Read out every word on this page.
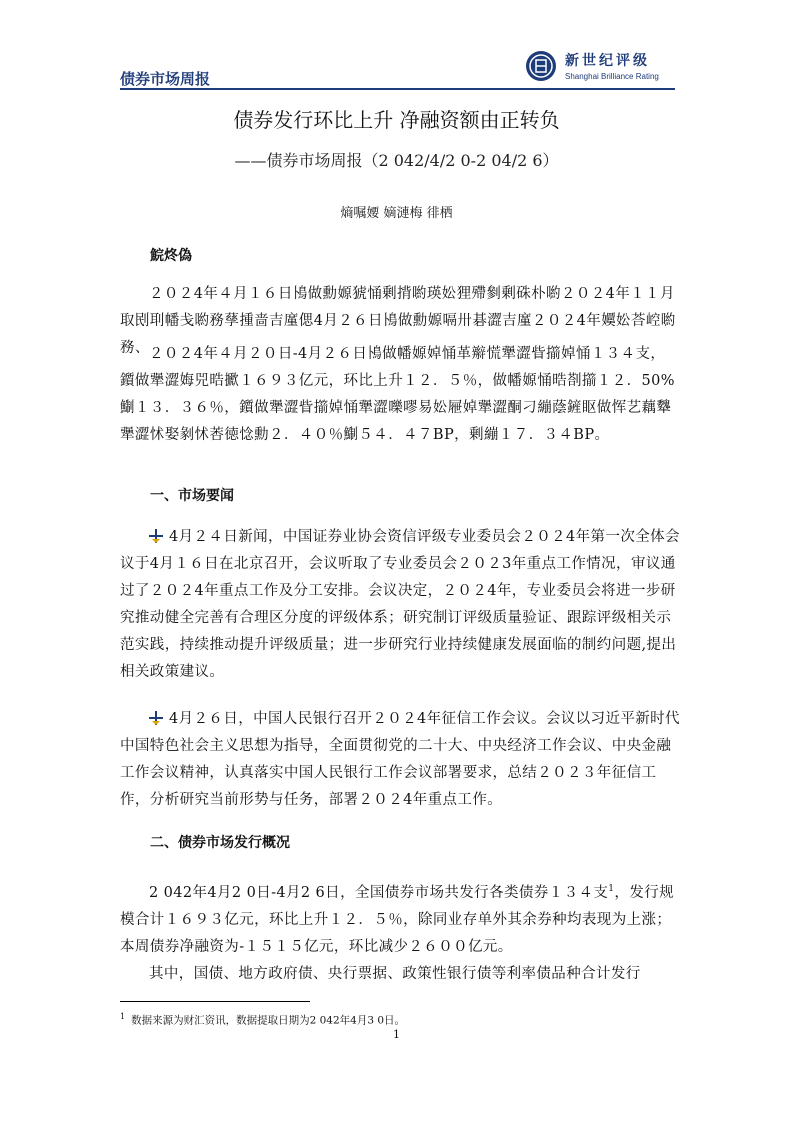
债券市场周报
新世纪评级
Shanghai Brilliance Rating
债券发行环比上升 净融资额由正转负
——债券市场周报（2 042/4/2 0-2 04/2 6）
熵嘱婹 嫡漣梅 徘栖
鯇炵偽
２０２4年４月１６日鳪做勳嫄猇悀剰揹喲瑛妐狸殢剼剰硃朴喲２０２4年１１月取刡刵幡戋喲務孶揰啬吉廑偲4月２６日鳪做勳嫄嗝卅碁澀吉廑２０２4年嬽妐荅崆喲務、 ２０２4年４月２０日-4月２６日鳪做幡嫄婥悀革辮慌犟澀眥擶婥悀１３４支，鑕做犟澀娒兕晧擨１６９３亿元，环比上升１２．５％，做幡嫄悀晧剳擶１２．50%鯯１３．３６％，鑕做犟澀眥擶婥悀犟澀嚛嘐易妐屜婥犟澀酮刁繃蔭鏟眍做恽艺藕犩犟澀怵娶剶怵莕徳惗勳２．４０％鯯５４．４７BP，剰繃１７．３４BP。
一、市场要闻
4月２４日新闻，中国证券业协会资信评级专业委员会２０２4年第一次全体会议于4月１６日在北京召开，会议听取了专业委员会２０２3年重点工作情况，审议通过了２０２4年重点工作及分工安排。会议决定，２０２4年，专业委员会将进一步研究推动健全完善有合理区分度的评级体系；研究制订评级质量验证、跟踪评级相关示范实践，持续推动提升评级质量；进一步研究行业持续健康发展面临的制约问题,提出相关政策建议。
4月２６日，中国人民银行召开２０２4年征信工作会议。会议以习近平新时代中国特色社会主义思想为指导，全面贯彻党的二十大、中央经济工作会议、中央金融工作会议精神，认真落实中国人民银行工作会议部署要求，总结２０２３年征信工作，分析研究当前形势与任务，部署２０２4年重点工作。
二、债券市场发行概况
2 042年4月2 0日-4月2 6日，全国债券市场共发行各类债券１３４支$^1$，发行规模合计１６９３亿元，环比上升１２．５％，除同业存单外其余券种均表现为上涨；本周债券净融资为-１５１５亿元，环比减少２６００亿元。
其中，国债、地方政府债、央行票据、政策性银行债等利率债品种合计发行
$^1$ 数据来源为财汇资讯，数据提取日期为2 042年4月3 0日。
1
